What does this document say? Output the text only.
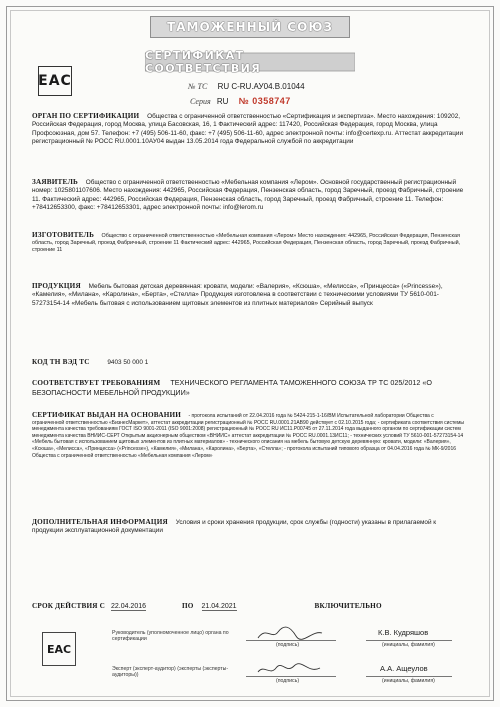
ТАМОЖЕННЫЙ СОЮЗ
СЕРТИФИКАТ СООТВЕТСТВИЯ
ЕАС	№ ТС RU С-RU.АУ04.В.01044
Серия RU № 0358747
ОРГАН ПО СЕРТИФИКАЦИИ Общества с ограниченной ответственностью «Сертификация и экспертиза». Место нахождения: 109202, Российская Федерация, город Москва, улица Басовская, 16, 1 Фактический адрес: 117420, Российская Федерация, город Москва, улица Профсоюзная, дом 57. Телефон: +7 (495) 506-11-60, факс: +7 (495) 506-11-60, адрес электронной почты: info@certexp.ru. Аттестат аккредитации регистрационный № РОСС RU.0001.10АУ04 выдан 13.05.2014 года Федеральной службой по аккредитации
ЗАЯВИТЕЛЬ Общество с ограниченной ответственностью «Мебельная компания «Лером». Основной государственный регистрационный номер: 1025801107606. Место нахождения: 442965, Российская Федерация, Пензенская область, город Заречный, проезд Фабричный, строение 11. Фактический адрес: 442965, Российская Федерация, Пензенская область, город Заречный, проезд Фабричный, строение 11. Телефон: +78412653300, факс: +78412653301, адрес электронной почты: info@lerom.ru
ИЗГОТОВИТЕЛЬ Общество с ограниченной ответственностью «Мебельная компания «Лером» Место нахождения: 442965, Российская Федерация, Пензенская область, город Заречный, проезд Фабричный, строение 11 Фактический адрес: 442965, Российская Федерация, Пензенская область, город Заречный, проезд Фабричный, строение 11
ПРОДУКЦИЯ Мебель бытовая детская деревянная: кровати, модели: «Валерия», «Ксюша», «Мелисса», «Принцесса» («Princesse»), «Камелия», «Милана», «Каролина», «Берта», «Стелла» Продукция изготовлена в соответствии с техническими условиями ТУ 5610-001-57273154-14 «Мебель бытовая с использованием щитовых элементов из плитных материалов» Серийный выпуск
КОД ТН ВЭД ТС	9403 50 000 1
СООТВЕТСТВУЕТ ТРЕБОВАНИЯМ ТЕХНИЧЕСКОГО РЕГЛАМЕНТА ТАМОЖЕННОГО СОЮЗА ТР ТС 025/2012 «О БЕЗОПАСНОСТИ МЕБЕЛЬНОЙ ПРОДУКЦИИ»
СЕРТИФИКАТ ВЫДАН НА ОСНОВАНИИ - протокола испытаний от 22.04.2016 года № 5424-215-1-16/ВМ Испытательной лаборатории Общества с ограниченной ответственностью «БизнесМаркет», аттестат аккредитации регистрационный № РОСС RU.0001.21АВ90 действует с 02.10.2015 года; - сертификата соответствия системы менеджмента качества требованиям ГОСТ ISO 9001-2011 (ISO 9001:2008) регистрационный № РОСС RU ИС11.Р00745 от 27.11.2014 года выданного органом по сертификации систем менеджмента качества ВНИИС-СЕРТ Открытым акционерным обществом «ВНИИС» аттестат аккредитации № РОСС RU.0001.13ИС11; - технических условий ТУ 5610-001-57273154-14 «Мебель бытовая с использованием щитовых элементов из плитных материалов» - технического описания на мебель бытовую детскую деревянную: кровати, модели: «Валерия», «Ксюша», «Мелисса», «Принцесса» («Princesse»), «Камелия», «Милана», «Каролина», «Берта», «Стелла»; - протокола испытаний типового образца от 04.04.2016 года № МК-9/2016 Общества с ограниченной ответственностью «Мебельная компания «Лером»
ДОПОЛНИТЕЛЬНАЯ ИНФОРМАЦИЯ Условия и сроки хранения продукции, срок службы (годности) указаны в прилагаемой к продукции эксплуатационной документации
СРОК ДЕЙСТВИЯ С 22.04.2016	ПО 21.04.2021	ВКЛЮЧИТЕЛЬНО
ЕАС
Руководитель (уполномоченное лицо) органа по сертификации
(подпись)
К.В. Кудряшов
(инициалы, фамилия)
Эксперт (эксперт-аудитор) (эксперты (эксперты-аудиторы))
(подпись)
А.А. Ащеулов
(инициалы, фамилия)
